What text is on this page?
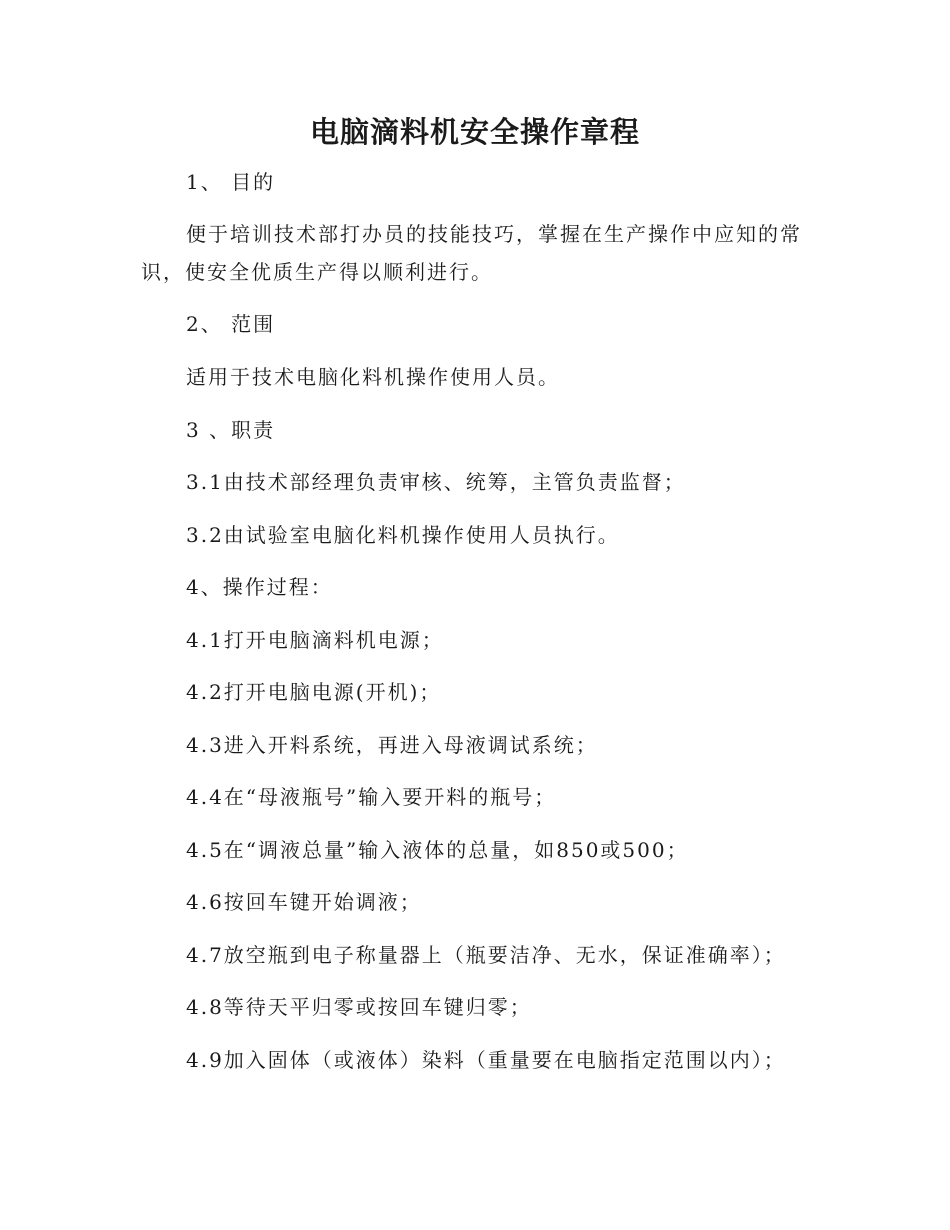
电脑滴料机安全操作章程
1、 目的
便于培训技术部打办员的技能技巧，掌握在生产操作中应知的常
识，使安全优质生产得以顺利进行。
2、 范围
适用于技术电脑化料机操作使用人员。
3 、职责
3.1由技术部经理负责审核、统筹，主管负责监督；
3.2由试验室电脑化料机操作使用人员执行。
4、操作过程：
4.1打开电脑滴料机电源；
4.2打开电脑电源(开机)；
4.3进入开料系统，再进入母液调试系统；
4.4在“母液瓶号”输入要开料的瓶号；
4.5在“调液总量”输入液体的总量，如850或500；
4.6按回车键开始调液；
4.7放空瓶到电子称量器上（瓶要洁净、无水，保证准确率）；
4.8等待天平归零或按回车键归零；
4.9加入固体（或液体）染料（重量要在电脑指定范围以内）；
